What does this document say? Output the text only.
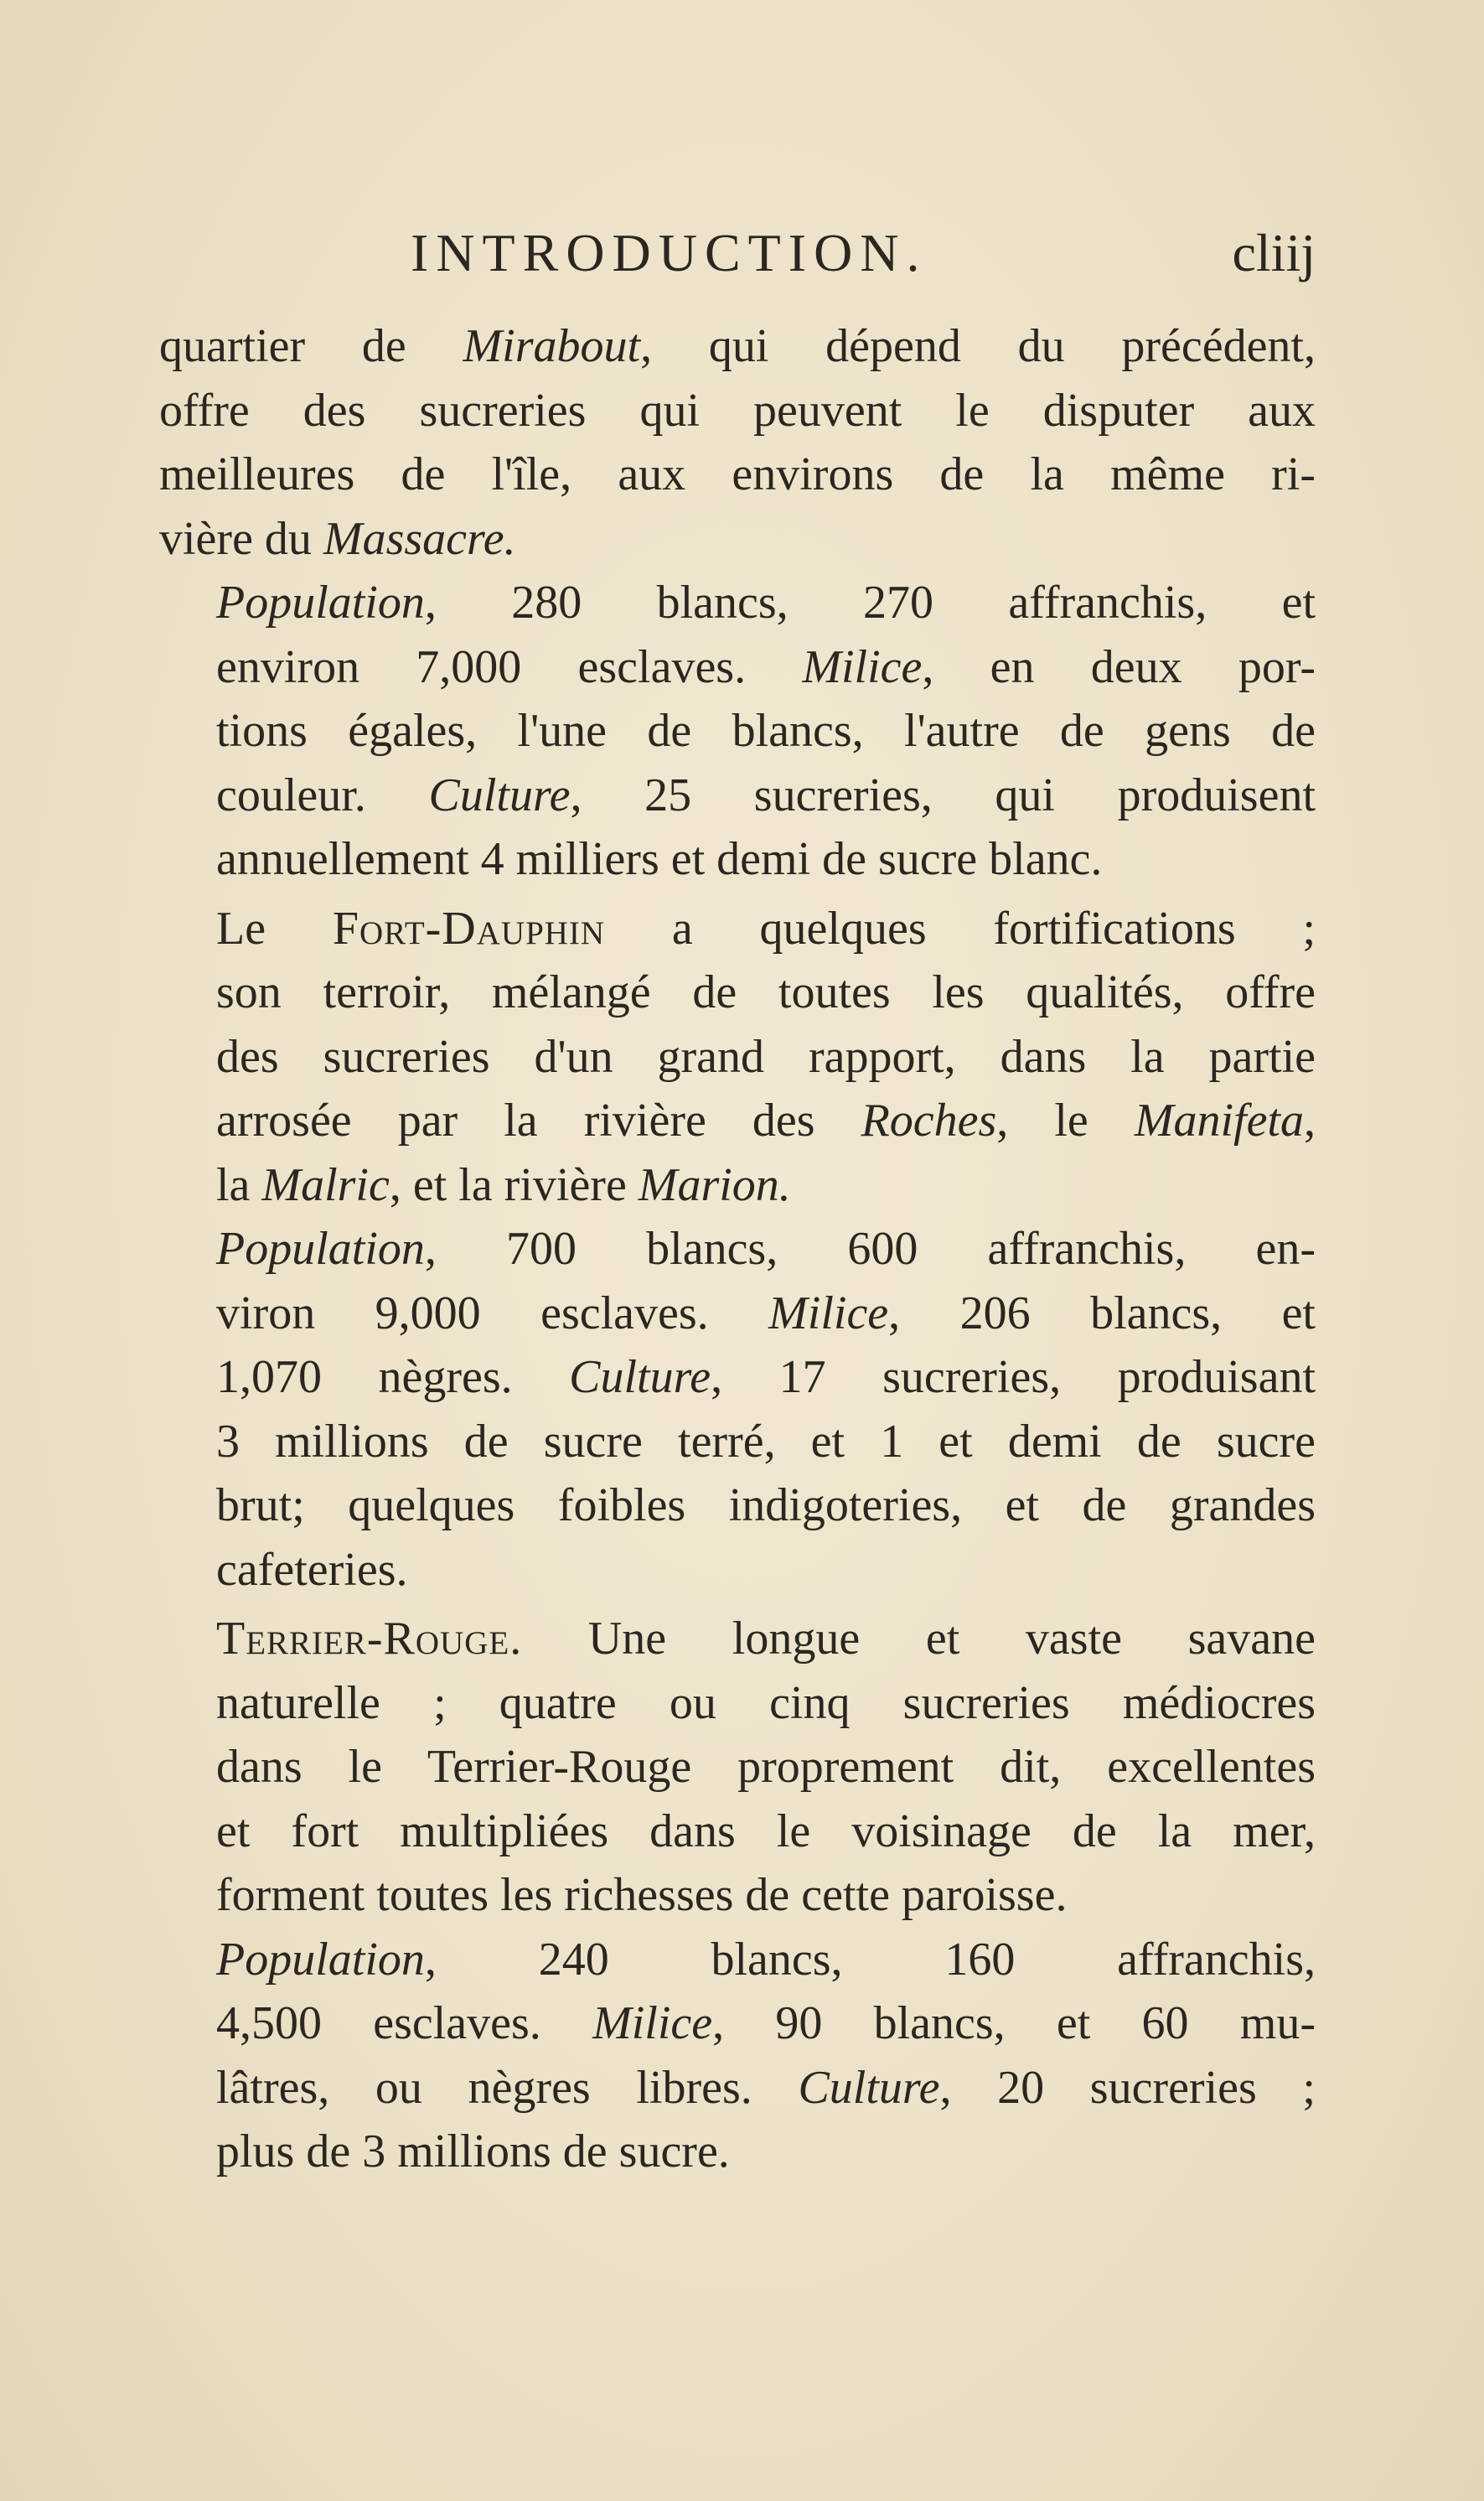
INTRODUCTION.	cliij

quartier de Mirabout, qui dépend du précédent,
offre des sucreries qui peuvent le disputer aux
meilleures de l'île, aux environs de la même ri-
vière du Massacre.

Population, 280 blancs, 270 affranchis, et
environ 7,000 esclaves. Milice, en deux por-
tions égales, l'une de blancs, l'autre de gens de
couleur. Culture, 25 sucreries, qui produisent
annuellement 4 milliers et demi de sucre blanc.

Le Fort-Dauphin a quelques fortifications ;
son terroir, mélangé de toutes les qualités, offre
des sucreries d'un grand rapport, dans la partie
arrosée par la rivière des Roches, le Manifeta,
la Malric, et la rivière Marion.

Population, 700 blancs, 600 affranchis, en-
viron 9,000 esclaves. Milice, 206 blancs, et
1,070 nègres. Culture, 17 sucreries, produisant
3 millions de sucre terré, et 1 et demi de sucre
brut; quelques foibles indigoteries, et de grandes
cafeteries.

Terrier-Rouge. Une longue et vaste savane
naturelle ; quatre ou cinq sucreries médiocres
dans le Terrier-Rouge proprement dit, excellentes
et fort multipliées dans le voisinage de la mer,
forment toutes les richesses de cette paroisse.

Population, 240 blancs, 160 affranchis,
4,500 esclaves. Milice, 90 blancs, et 60 mu-
lâtres, ou nègres libres. Culture, 20 sucreries ;
plus de 3 millions de sucre.
